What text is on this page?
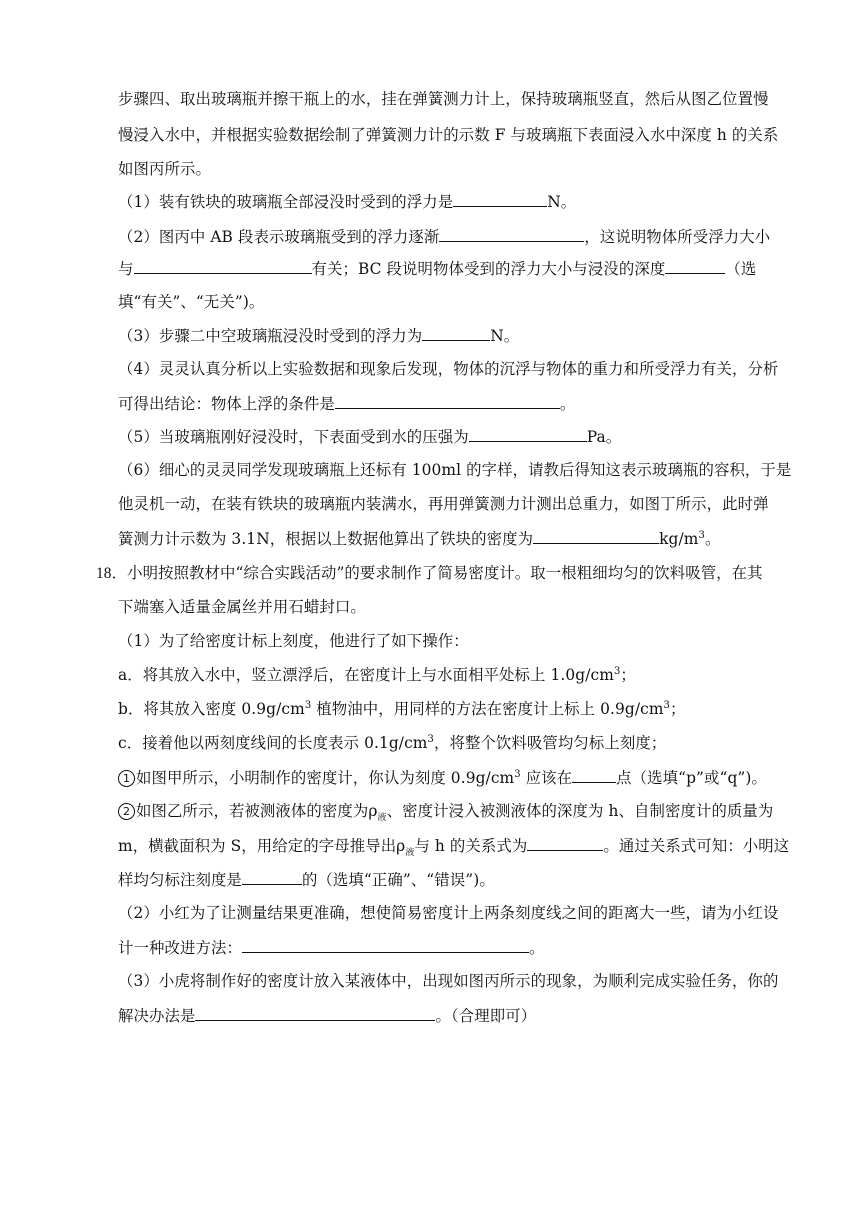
步骤四、取出玻璃瓶并擦干瓶上的水，挂在弹簧测力计上，保持玻璃瓶竖直，然后从图乙位置慢
慢浸入水中，并根据实验数据绘制了弹簧测力计的示数 F 与玻璃瓶下表面浸入水中深度 h 的关系
如图丙所示。
（1）装有铁块的玻璃瓶全部浸没时受到的浮力是	N。
（2）图丙中 AB 段表示玻璃瓶受到的浮力逐渐	，这说明物体所受浮力大小
与	有关；BC 段说明物体受到的浮力大小与浸没的深度	（选
填“有关”、“无关”)。
（3）步骤二中空玻璃瓶浸没时受到的浮力为	N。
（4）灵灵认真分析以上实验数据和现象后发现，物体的沉浮与物体的重力和所受浮力有关，分析
可得出结论：物体上浮的条件是	。
（5）当玻璃瓶刚好浸没时，下表面受到水的压强为	Pa。
（6）细心的灵灵同学发现玻璃瓶上还标有 100ml 的字样，请教后得知这表示玻璃瓶的容积，于是
他灵机一动，在装有铁块的玻璃瓶内装满水，再用弹簧测力计测出总重力，如图丁所示，此时弹
簧测力计示数为 3.1N，根据以上数据他算出了铁块的密度为	$kg/m^3$。
18．小明按照教材中“综合实践活动”的要求制作了简易密度计。取一根粗细均匀的饮料吸管，在其
下端塞入适量金属丝并用石蜡封口。
（1）为了给密度计标上刻度，他进行了如下操作：
a．将其放入水中，竖立漂浮后，在密度计上与水面相平处标上 $1.0g/cm^3$；
b．将其放入密度 $0.9g/cm^3$ 植物油中，用同样的方法在密度计上标上 $0.9g/cm^3$；
c．接着他以两刻度线间的长度表示 $0.1g/cm^3$，将整个饮料吸管均匀标上刻度；
1 如图甲所示，小明制作的密度计，你认为刻度 $0.9g/cm^3$ 应该在	点（选填“p”或“q”)。
2 如图乙所示，若被测液体的密度为$\rho_液$、密度计浸入被测液体的深度为 h、自制密度计的质量为
m，横截面积为 S，用给定的字母推导出$\rho_液$与 h 的关系式为	。通过关系式可知：小明这
样均匀标注刻度是	的（选填“正确”、“错误”)。
（2）小红为了让测量结果更准确，想使简易密度计上两条刻度线之间的距离大一些，请为小红设
计一种改进方法：	。
（3）小虎将制作好的密度计放入某液体中，出现如图丙所示的现象，为顺利完成实验任务，你的
解决办法是	。（合理即可）
